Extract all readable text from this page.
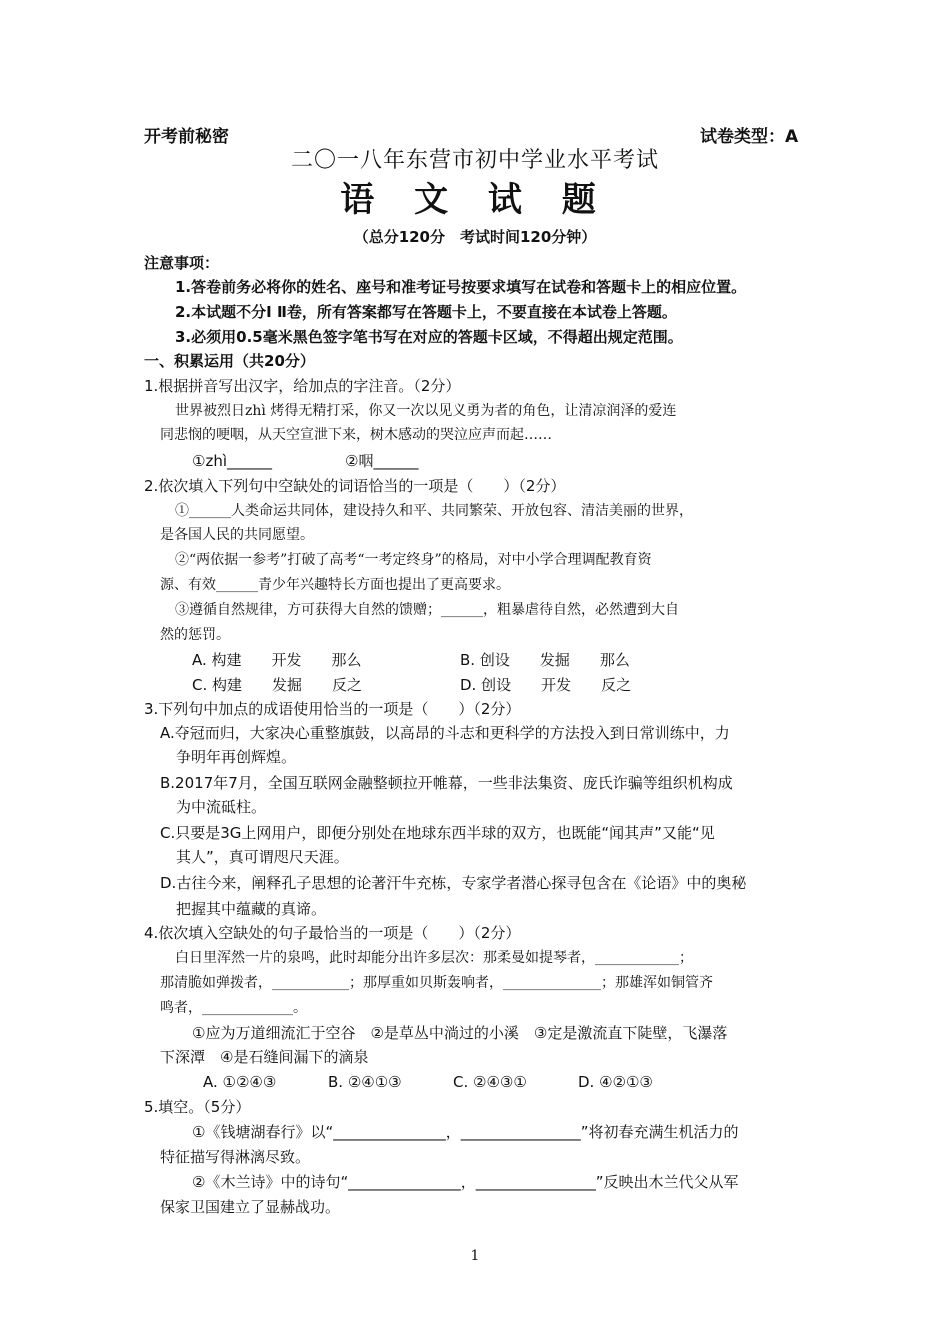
开考前秘密	试卷类型：A
二〇一八年东营市初中学业水平考试
语 文 试 题
（总分120分　考试时间120分钟）
注意事项：
1.答卷前务必将你的姓名、座号和准考证号按要求填写在试卷和答题卡上的相应位置。
2.本试题不分Ⅰ Ⅱ卷，所有答案都写在答题卡上，不要直接在本试卷上答题。
3.必须用0.5毫米黑色签字笔书写在对应的答题卡区域，不得超出规定范围。
一、积累运用（共20分）
1.根据拼音写出汉字，给加点的字注音。（2分）
世界被烈日zhì 烤得无精打采，你又一次以见义勇为者的角色，让清凉润泽的爱连
同悲悯的哽咽，从天空宣泄下来，树木感动的哭泣应声而起……
①zhì______	②咽______
2.依次填入下列句中空缺处的词语恰当的一项是（　　）（2分）
①______人类命运共同体，建设持久和平、共同繁荣、开放包容、清洁美丽的世界，
是各国人民的共同愿望。
②“两依据一参考”打破了高考“一考定终身”的格局，对中小学合理调配教育资
源、有效______青少年兴趣特长方面也提出了更高要求。
③遵循自然规律，方可获得大自然的馈赠；______，粗暴虐待自然，必然遭到大自
然的惩罚。
A. 构建　　开发　　那么	B. 创设　　发掘　　那么
C. 构建　　发掘　　反之	D. 创设　　开发　　反之
3.下列句中加点的成语使用恰当的一项是（　　）（2分）
A.夺冠而归，大家决心重整旗鼓，以高昂的斗志和更科学的方法投入到日常训练中，力
争明年再创辉煌。
B.2017年7月，全国互联网金融整顿拉开帷幕，一些非法集资、庞氏诈骗等组织机构成
为中流砥柱。
C.只要是3G上网用户，即便分别处在地球东西半球的双方，也既能“闻其声”又能“见
其人”，真可谓咫尺天涯。
D.古往今来，阐释孔子思想的论著汗牛充栋，专家学者潜心探寻包含在《论语》中的奥秘
把握其中蕴藏的真谛。
4.依次填入空缺处的句子最恰当的一项是（　　）（2分）
白日里浑然一片的泉鸣，此时却能分出许多层次：那柔曼如提琴者，____________；
那清脆如弹拨者，___________；那厚重如贝斯轰响者，______________；那雄浑如铜管齐
鸣者，_____________。
①应为万道细流汇于空谷　②是草丛中淌过的小溪　③定是激流直下陡壁，飞瀑落
下深潭　④是石缝间漏下的滴泉
A. ①②④③	B. ②④①③	C. ②④③①	D. ④②①③
5.填空。（5分）
①《钱塘湖春行》以“_______________，________________”将初春充满生机活力的
特征描写得淋漓尽致。
②《木兰诗》中的诗句“_______________，________________”反映出木兰代父从军
保家卫国建立了显赫战功。
1
